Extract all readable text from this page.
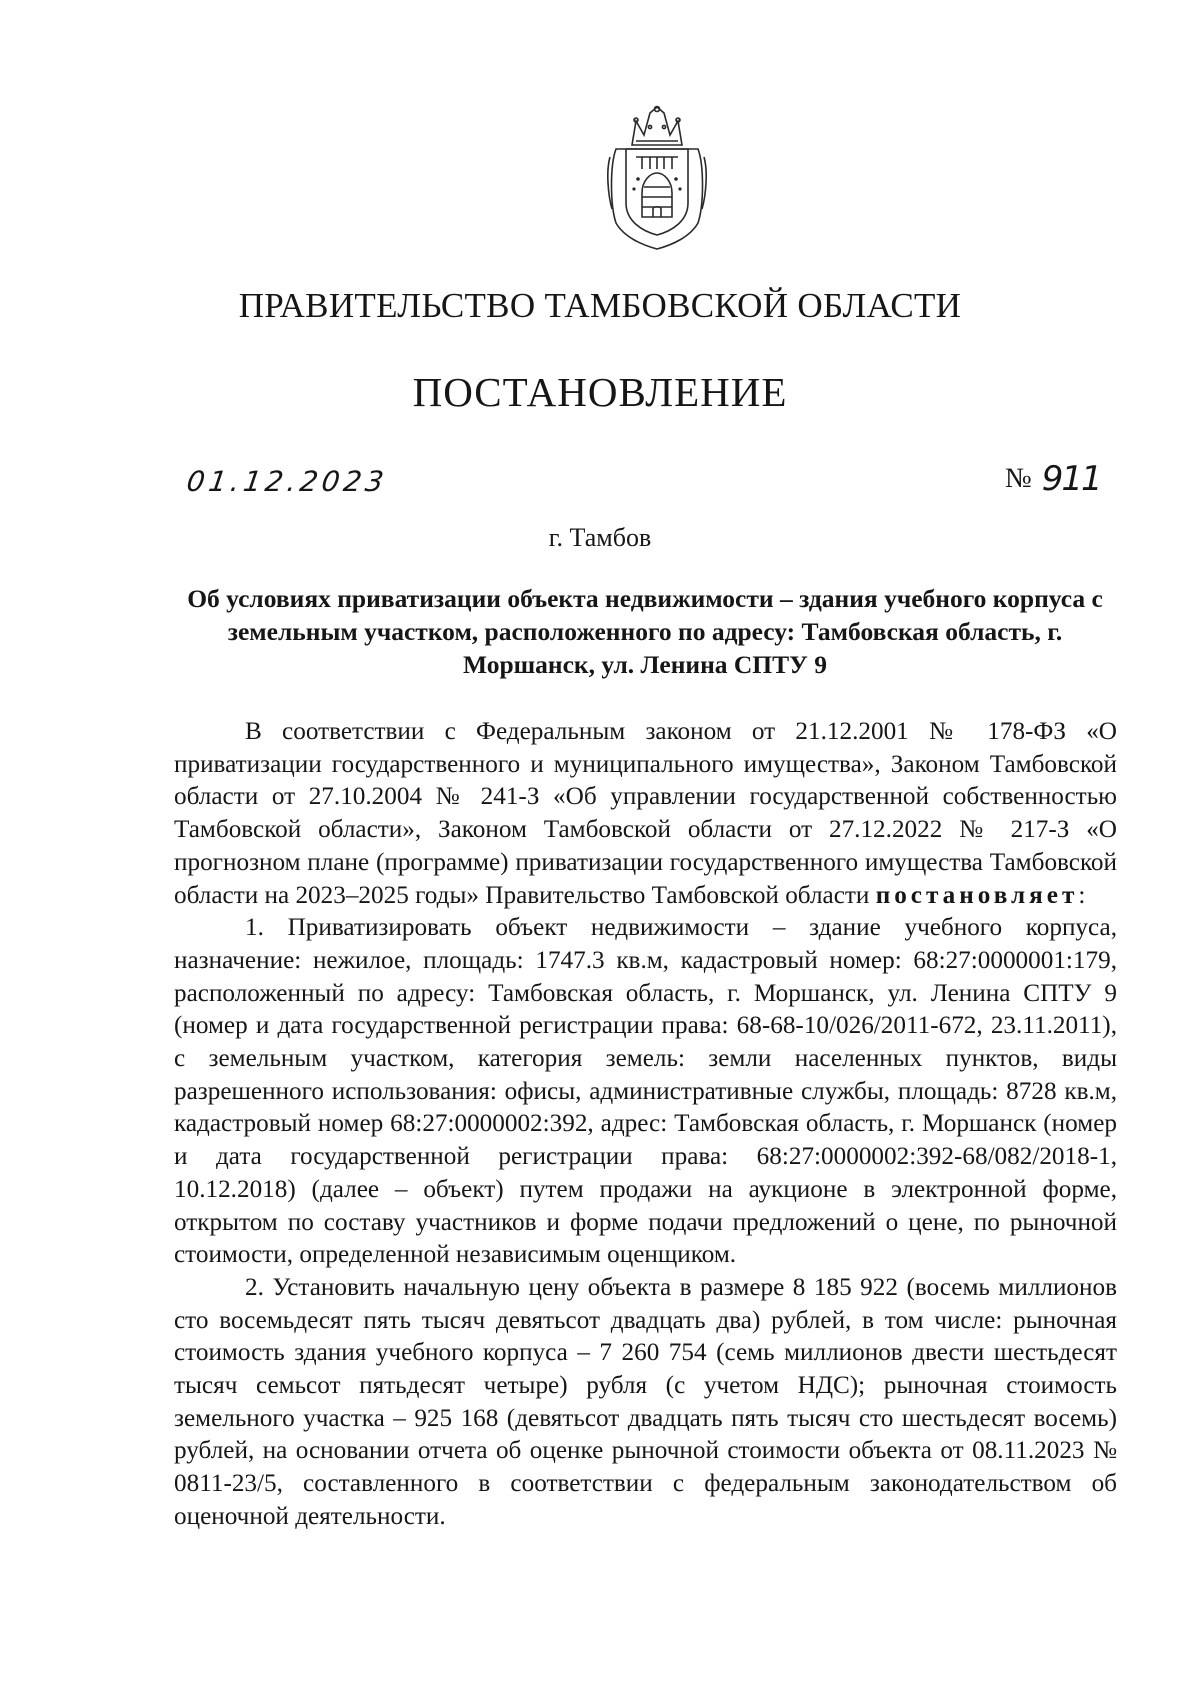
ПРАВИТЕЛЬСТВО ТАМБОВСКОЙ ОБЛАСТИ
ПОСТАНОВЛЕНИЕ
01.12.2023	№ 911
г. Тамбов
Об условиях приватизации объекта недвижимости – здания учебного корпуса с земельным участком, расположенного по адресу: Тамбовская область, г. Моршанск, ул. Ленина СПТУ 9

В соответствии с Федеральным законом от 21.12.2001 № 178-ФЗ «О приватизации государственного и муниципального имущества», Законом Тамбовской области от 27.10.2004 № 241-З «Об управлении государственной собственностью Тамбовской области», Законом Тамбовской области от 27.12.2022 № 217-З «О прогнозном плане (программе) приватизации государственного имущества Тамбовской области на 2023–2025 годы» Правительство Тамбовской области постановляет:

1. Приватизировать объект недвижимости – здание учебного корпуса, назначение: нежилое, площадь: 1747.3 кв.м, кадастровый номер: 68:27:0000001:179, расположенный по адресу: Тамбовская область, г. Моршанск, ул. Ленина СПТУ 9 (номер и дата государственной регистрации права: 68-68-10/026/2011-672, 23.11.2011), с земельным участком, категория земель: земли населенных пунктов, виды разрешенного использования: офисы, административные службы, площадь: 8728 кв.м, кадастровый номер 68:27:0000002:392, адрес: Тамбовская область, г. Моршанск (номер и дата государственной регистрации права: 68:27:0000002:392-68/082/2018-1, 10.12.2018) (далее – объект) путем продажи на аукционе в электронной форме, открытом по составу участников и форме подачи предложений о цене, по рыночной стоимости, определенной независимым оценщиком.

2. Установить начальную цену объекта в размере 8 185 922 (восемь миллионов сто восемьдесят пять тысяч девятьсот двадцать два) рублей, в том числе: рыночная стоимость здания учебного корпуса – 7 260 754 (семь миллионов двести шестьдесят тысяч семьсот пятьдесят четыре) рубля (с учетом НДС); рыночная стоимость земельного участка – 925 168 (девятьсот двадцать пять тысяч сто шестьдесят восемь) рублей, на основании отчета об оценке рыночной стоимости объекта от 08.11.2023 № 0811-23/5, составленного в соответствии с федеральным законодательством об оценочной деятельности.
